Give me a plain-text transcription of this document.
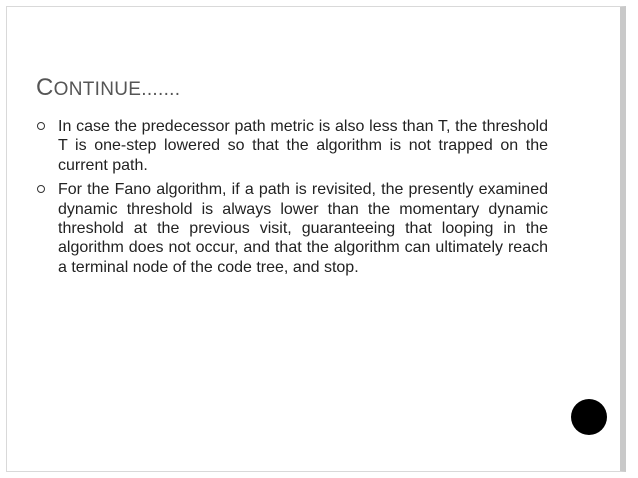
CONTINUE.......
In case the predecessor path metric is also less than T, the threshold T is one-step lowered so that the algorithm is not trapped on the current path.
For the Fano algorithm, if a path is revisited, the presently examined dynamic threshold is always lower than the momentary dynamic threshold at the previous visit, guaranteeing that looping in the algorithm does not occur, and that the algorithm can ultimately reach a terminal node of the code tree, and stop.
